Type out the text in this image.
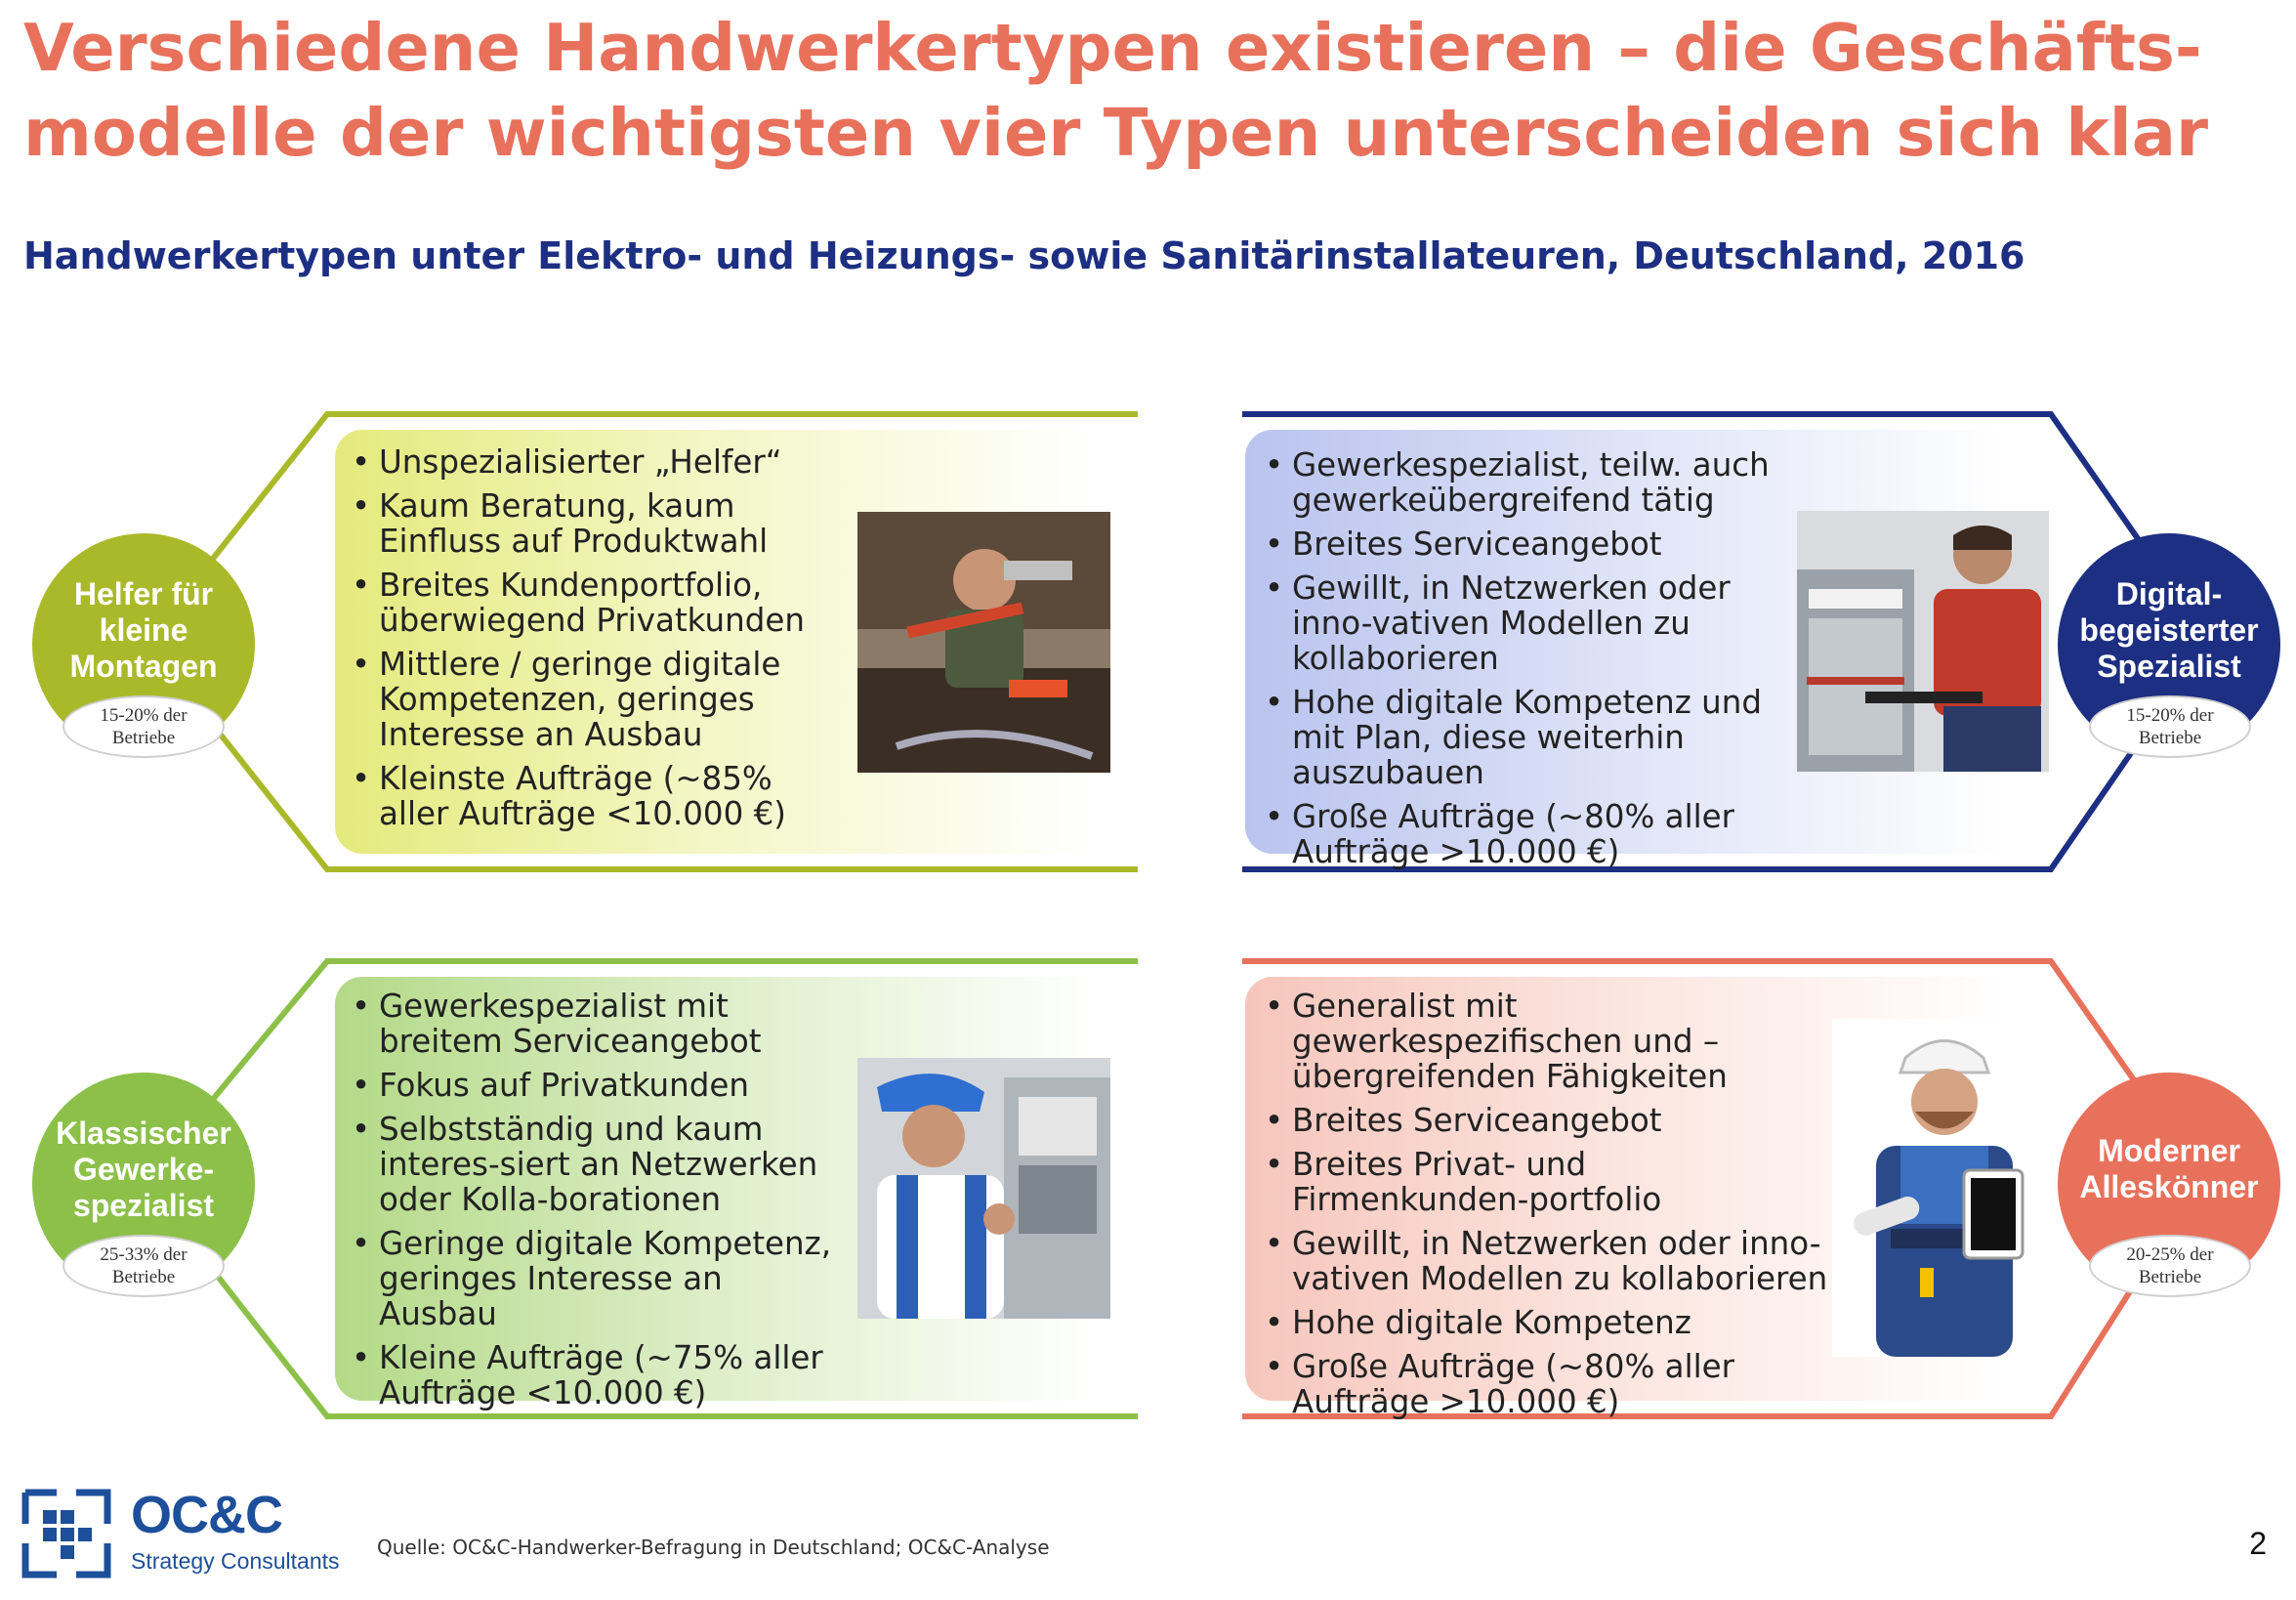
Verschiedene Handwerkertypen existieren – die Geschäfts-
modelle der wichtigsten vier Typen unterscheiden sich klar
Handwerkertypen unter Elektro- und Heizungs- sowie Sanitärinstallateuren, Deutschland, 2016
• Unspezialisierter „Helfer“
• Kaum Beratung, kaum Einfluss auf Produktwahl
• Breites Kundenportfolio, überwiegend Privatkunden
• Mittlere / geringe digitale Kompetenzen, geringes Interesse an Ausbau
• Kleinste Aufträge (~85% aller Aufträge <10.000 €)
Helfer für
kleine
Montagen
15-20% der
Betriebe
• Gewerkespezialist, teilw. auch gewerkeübergreifend tätig
• Breites Serviceangebot
• Gewillt, in Netzwerken oder inno-vativen Modellen zu kollaborieren
• Hohe digitale Kompetenz und mit Plan, diese weiterhin auszubauen
• Große Aufträge (~80% aller Aufträge >10.000 €)
Digital-
begeisterter
Spezialist
15-20% der
Betriebe
• Gewerkespezialist mit breitem Serviceangebot
• Fokus auf Privatkunden
• Selbstständig und kaum interes-siert an Netzwerken oder Kolla-borationen
• Geringe digitale Kompetenz, geringes Interesse an Ausbau
• Kleine Aufträge (~75% aller Aufträge <10.000 €)
Klassischer
Gewerke-
spezialist
25-33% der
Betriebe
• Generalist mit gewerkespezifischen und –übergreifenden Fähigkeiten
• Breites Serviceangebot
• Breites Privat- und Firmenkunden-portfolio
• Gewillt, in Netzwerken oder inno-vativen Modellen zu kollaborieren
• Hohe digitale Kompetenz
• Große Aufträge (~80% aller Aufträge >10.000 €)
Moderner
Alleskönner
20-25% der
Betriebe
OC&C
Strategy Consultants
Quelle: OC&C-Handwerker-Befragung in Deutschland; OC&C-Analyse	2
